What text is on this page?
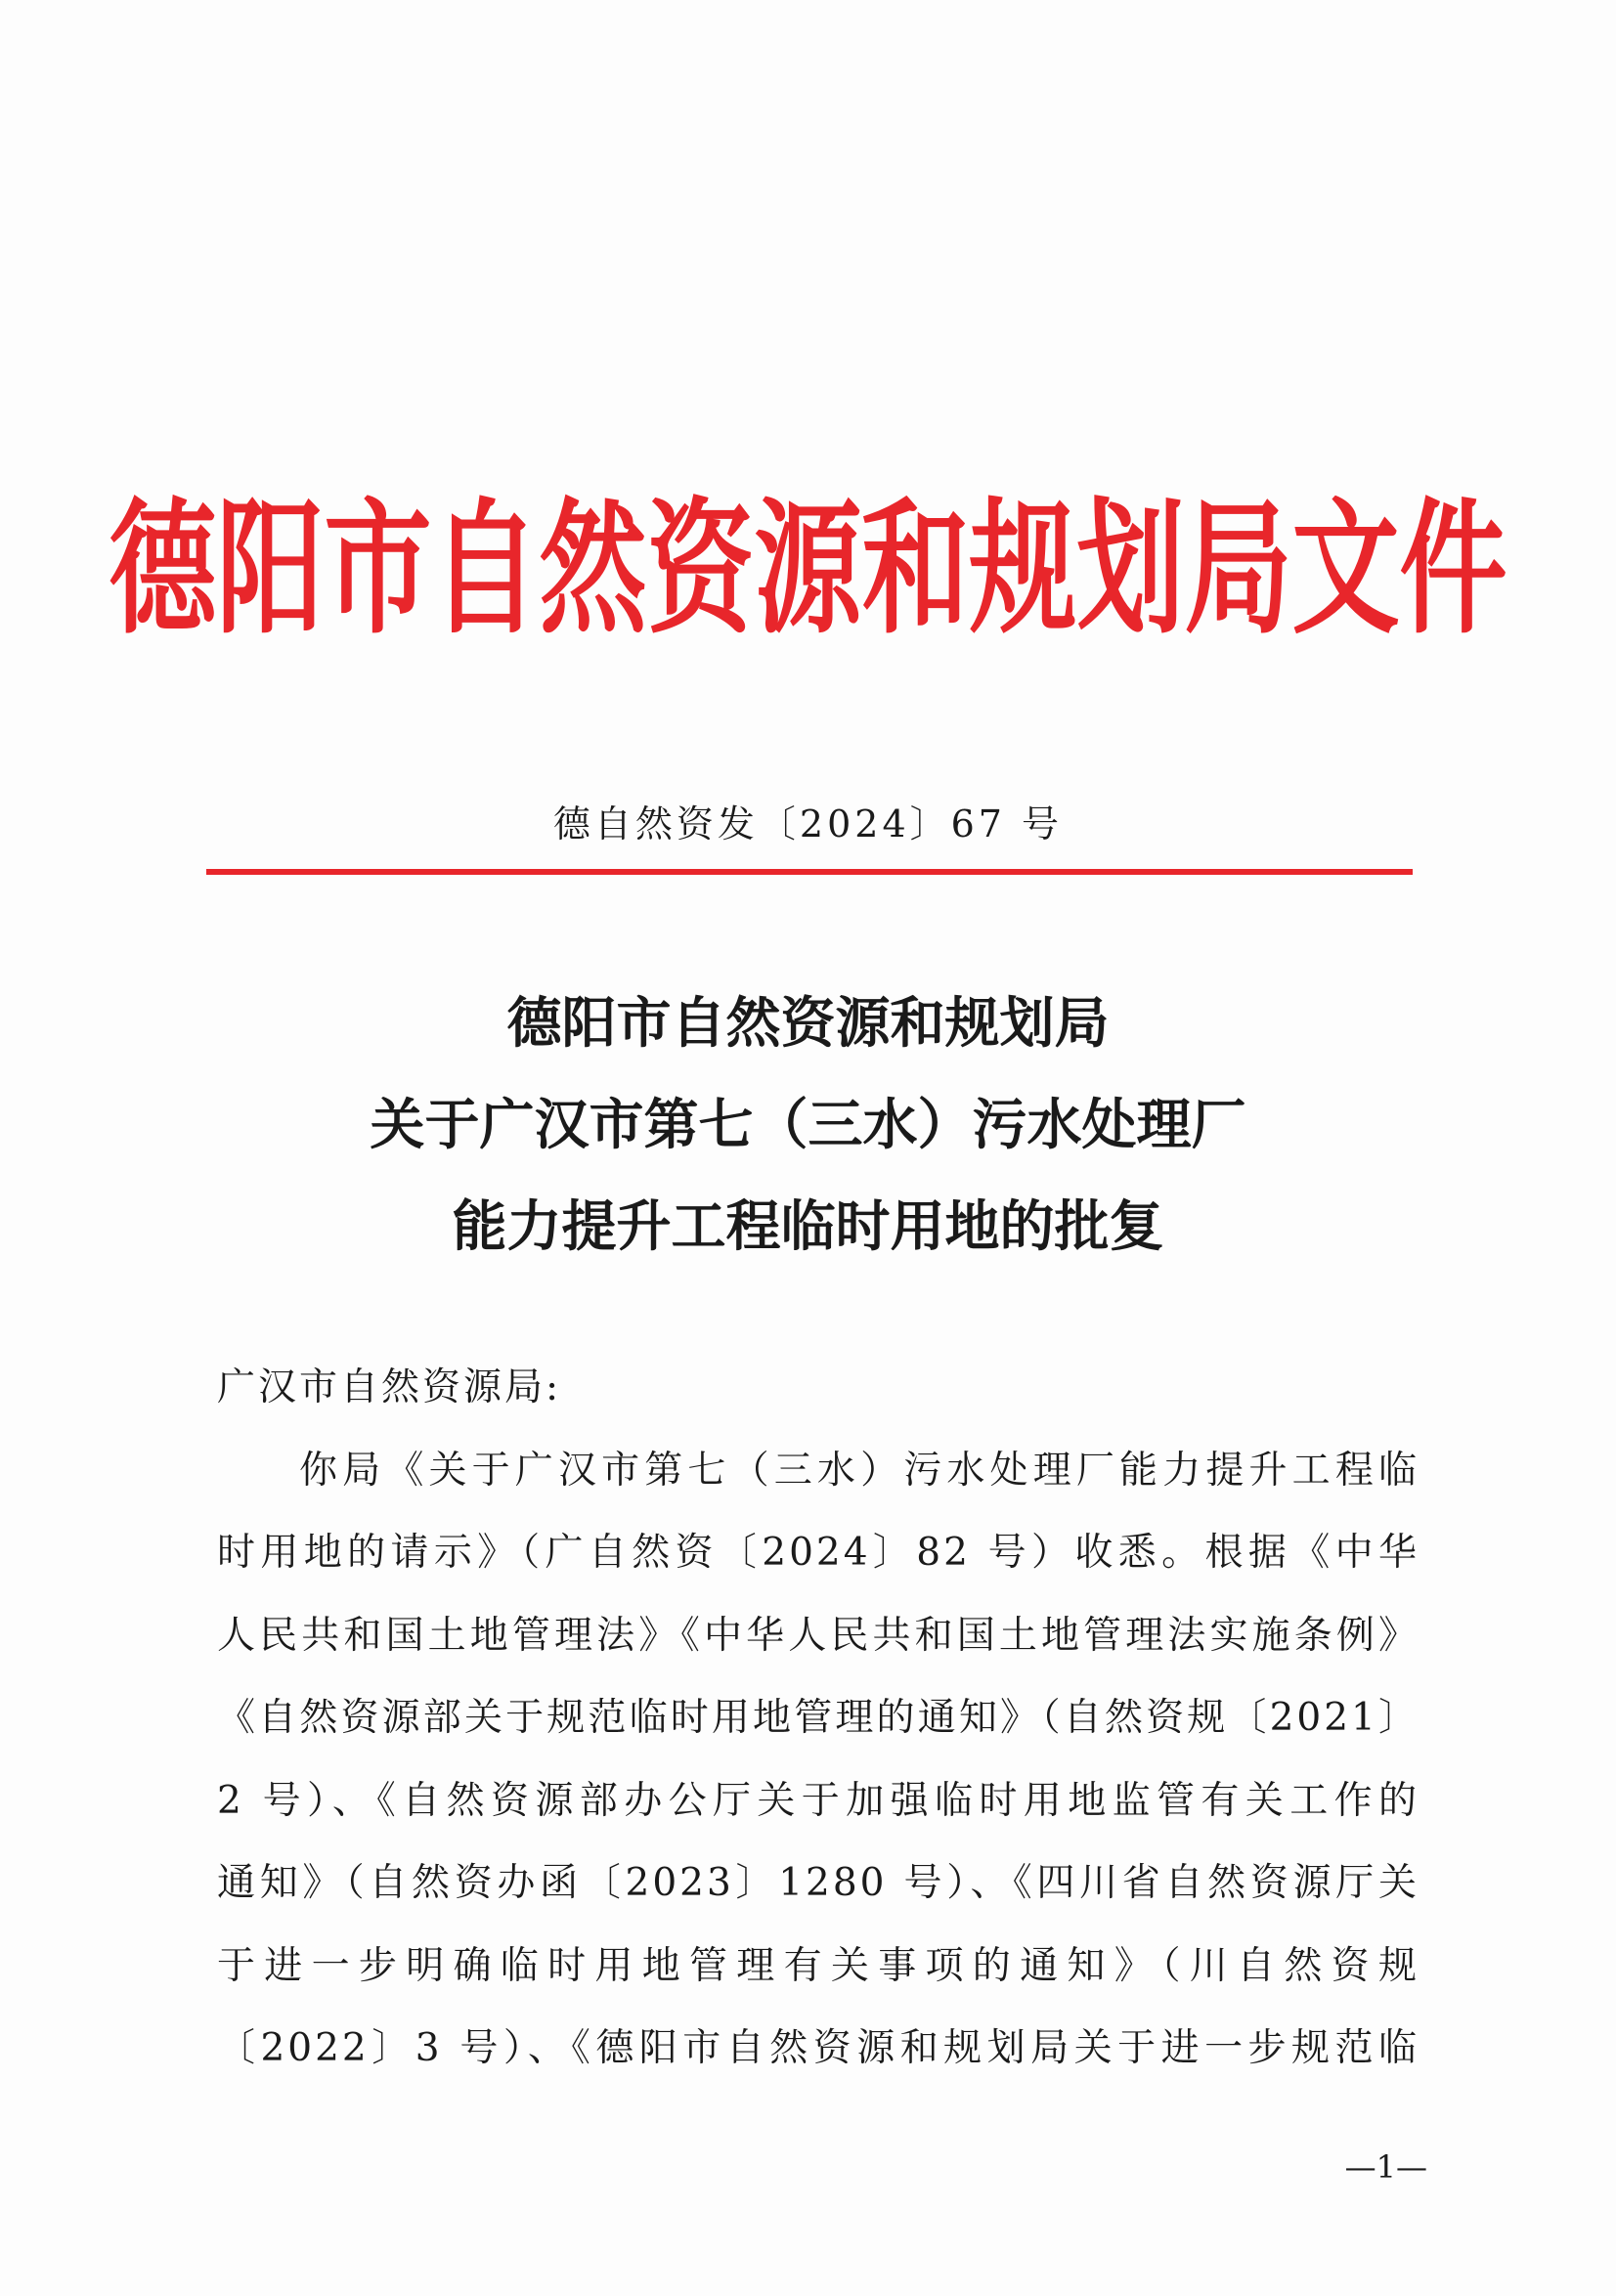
德阳市自然资源和规划局文件
德自然资发〔2024〕67 号
德阳市自然资源和规划局
关于广汉市第七（三水）污水处理厂
能力提升工程临时用地的批复
广汉市自然资源局:
你局《关于广汉市第七（三水）污水处理厂能力提升工程临
时用地的请示》（广自然资〔2024〕82 号）收悉。根据《中华
人民共和国土地管理法》《中华人民共和国土地管理法实施条例》
《自然资源部关于规范临时用地管理的通知》（自然资规〔2021〕
2 号）、《自然资源部办公厅关于加强临时用地监管有关工作的
通知》（自然资办函〔2023〕1280 号）、《四川省自然资源厅关
于进一步明确临时用地管理有关事项的通知》（川自然资规
〔2022〕3 号）、《德阳市自然资源和规划局关于进一步规范临
—1—
